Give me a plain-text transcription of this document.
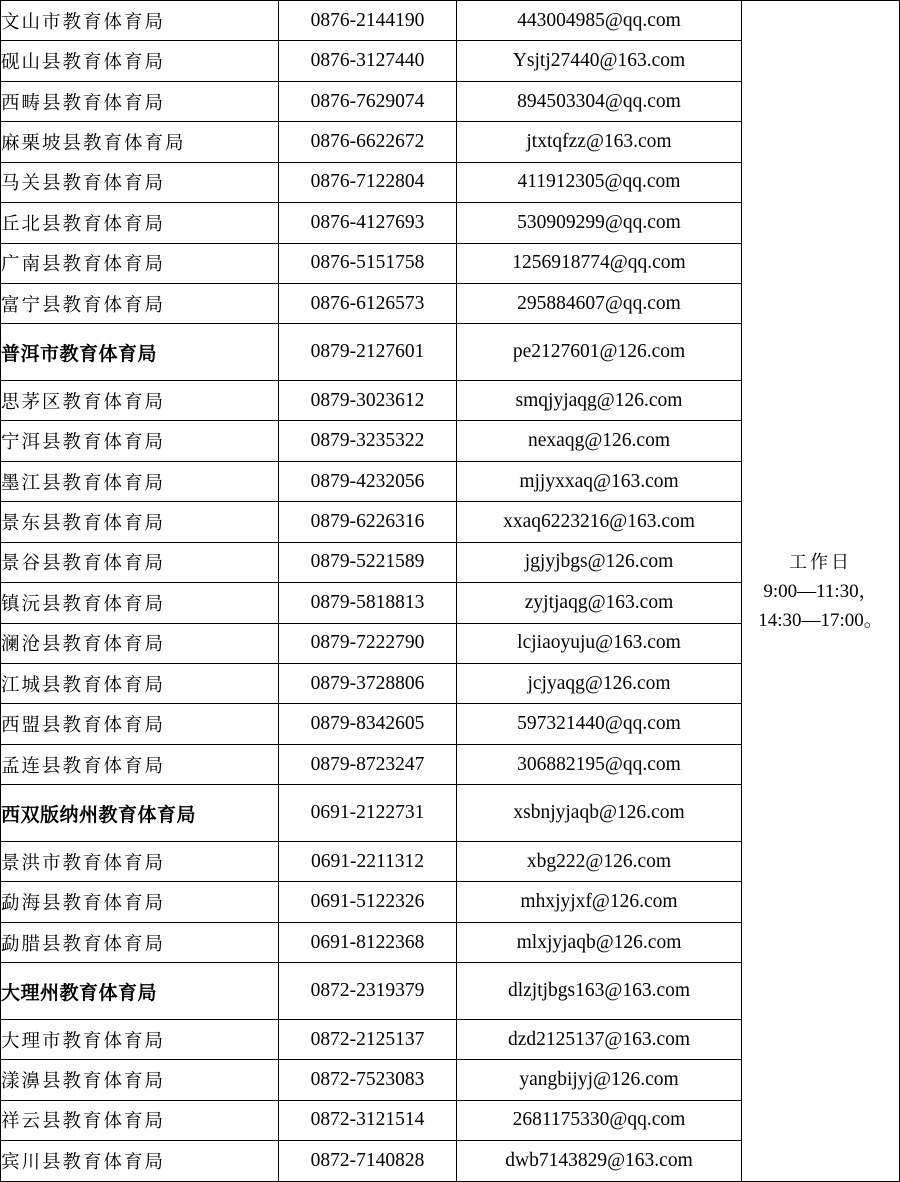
文山市教育体育局	0876-2144190	443004985@qq.com	工作日
9:00—11:30，
14:30—17:00。

砚山县教育体育局	0876-3127440	Ysjtj27440@163.com	
西畴县教育体育局	0876-7629074	894503304@qq.com	
麻栗坡县教育体育局	0876-6622672	jtxtqfzz@163.com	
马关县教育体育局	0876-7122804	411912305@qq.com	
丘北县教育体育局	0876-4127693	530909299@qq.com	
广南县教育体育局	0876-5151758	1256918774@qq.com	
富宁县教育体育局	0876-6126573	295884607@qq.com	
普洱市教育体育局	0879-2127601	pe2127601@126.com	
思茅区教育体育局	0879-3023612	smqjyjaqg@126.com	
宁洱县教育体育局	0879-3235322	nexaqg@126.com	
墨江县教育体育局	0879-4232056	mjjyxxaq@163.com	
景东县教育体育局	0879-6226316	xxaq6223216@163.com	
景谷县教育体育局	0879-5221589	jgjyjbgs@126.com	
镇沅县教育体育局	0879-5818813	zyjtjaqg@163.com	
澜沧县教育体育局	0879-7222790	lcjiaoyuju@163.com	
江城县教育体育局	0879-3728806	jcjyaqg@126.com	
西盟县教育体育局	0879-8342605	597321440@qq.com	
孟连县教育体育局	0879-8723247	306882195@qq.com	
西双版纳州教育体育局	0691-2122731	xsbnjyjaqb@126.com	
景洪市教育体育局	0691-2211312	xbg222@126.com	
勐海县教育体育局	0691-5122326	mhxjyjxf@126.com	
勐腊县教育体育局	0691-8122368	mlxjyjaqb@126.com	
大理州教育体育局	0872-2319379	dlzjtjbgs163@163.com	
大理市教育体育局	0872-2125137	dzd2125137@163.com	
漾濞县教育体育局	0872-7523083	yangbijyj@126.com	
祥云县教育体育局	0872-3121514	2681175330@qq.com	
宾川县教育体育局	0872-7140828	dwb7143829@163.com	
